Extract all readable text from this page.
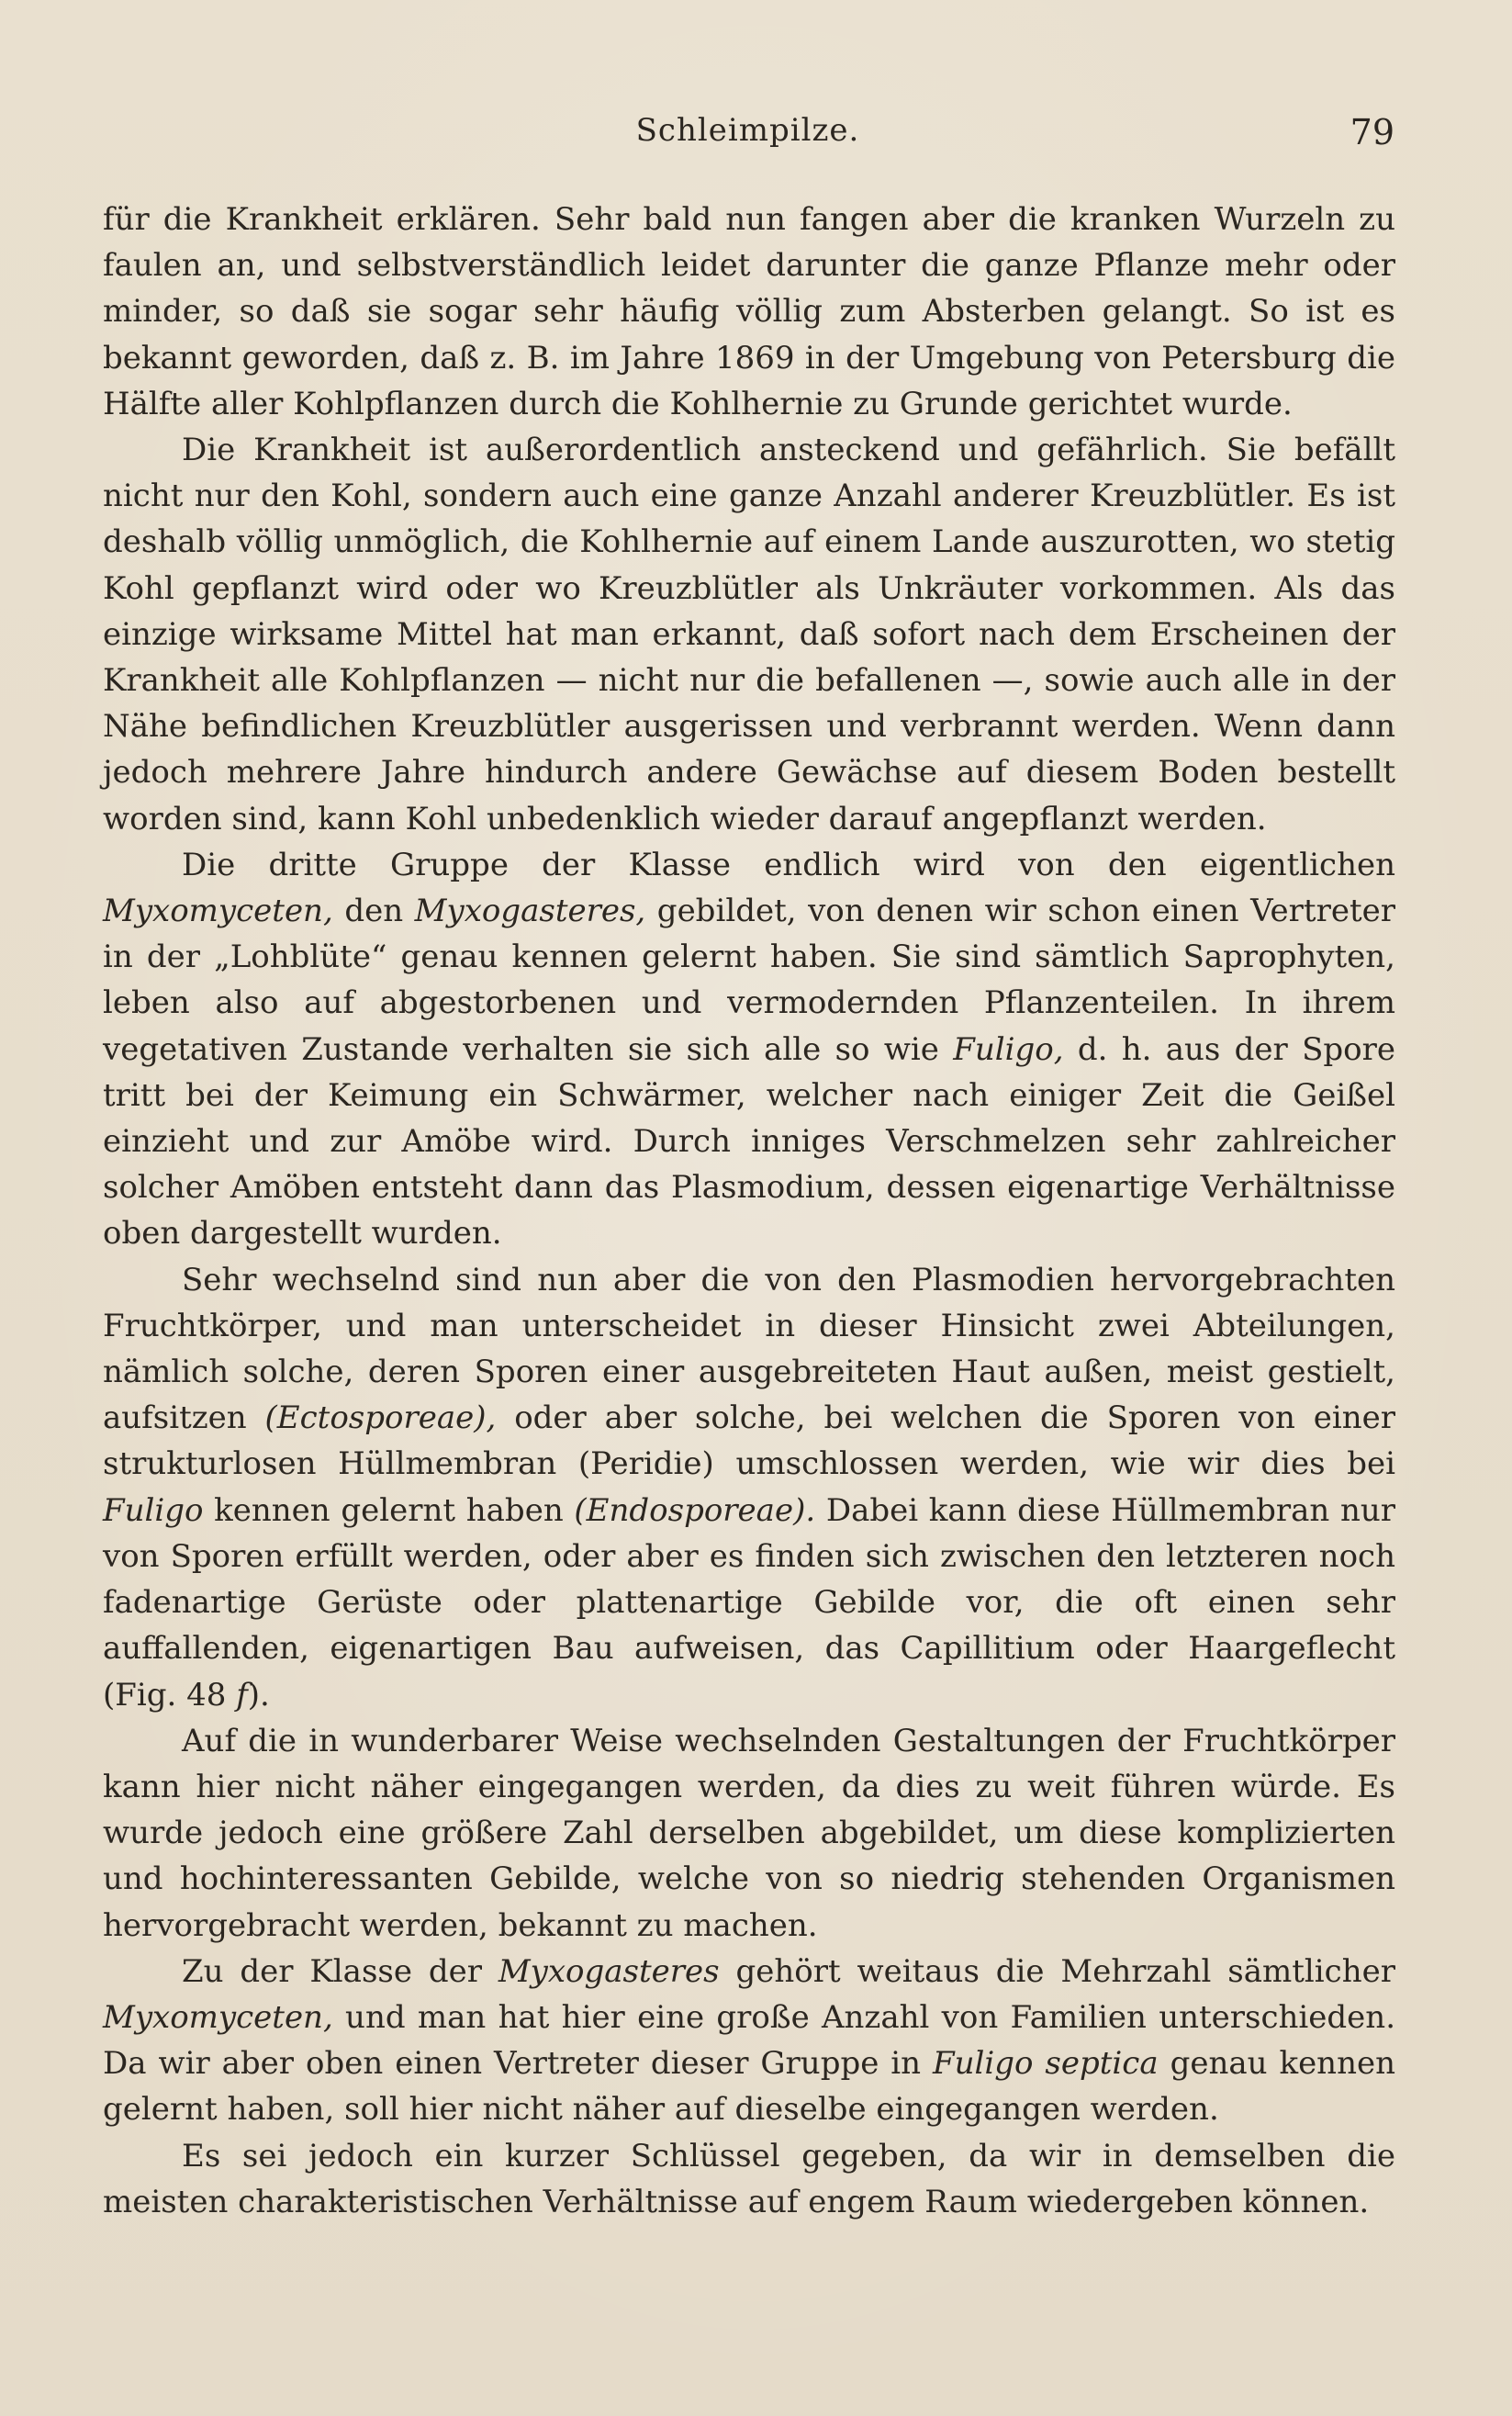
Schleimpilze.	79

für die Krankheit erklären. Sehr bald nun fangen aber die kranken Wurzeln zu faulen an, und selbstverständlich leidet darunter die ganze Pflanze mehr oder minder, so daß sie sogar sehr häufig völlig zum Absterben gelangt. So ist es bekannt geworden, daß z. B. im Jahre 1869 in der Umgebung von Petersburg die Hälfte aller Kohlpflanzen durch die Kohlhernie zu Grunde gerichtet wurde.

Die Krankheit ist außerordentlich ansteckend und gefährlich. Sie befällt nicht nur den Kohl, sondern auch eine ganze Anzahl anderer Kreuzblütler. Es ist deshalb völlig unmöglich, die Kohlhernie auf einem Lande auszurotten, wo stetig Kohl gepflanzt wird oder wo Kreuzblütler als Unkräuter vorkommen. Als das einzige wirksame Mittel hat man erkannt, daß sofort nach dem Erscheinen der Krankheit alle Kohlpflanzen — nicht nur die befallenen —, sowie auch alle in der Nähe befindlichen Kreuzblütler ausgerissen und verbrannt werden. Wenn dann jedoch mehrere Jahre hindurch andere Gewächse auf diesem Boden bestellt worden sind, kann Kohl unbedenklich wieder darauf angepflanzt werden.

Die dritte Gruppe der Klasse endlich wird von den eigentlichen Myxomyceten, den Myxogasteres, gebildet, von denen wir schon einen Vertreter in der „Lohblüte“ genau kennen gelernt haben. Sie sind sämtlich Saprophyten, leben also auf abgestorbenen und vermodernden Pflanzenteilen. In ihrem vegetativen Zustande verhalten sie sich alle so wie Fuligo, d. h. aus der Spore tritt bei der Keimung ein Schwärmer, welcher nach einiger Zeit die Geißel einzieht und zur Amöbe wird. Durch inniges Verschmelzen sehr zahlreicher solcher Amöben entsteht dann das Plasmodium, dessen eigenartige Verhältnisse oben dargestellt wurden.

Sehr wechselnd sind nun aber die von den Plasmodien hervorgebrachten Fruchtkörper, und man unterscheidet in dieser Hinsicht zwei Abteilungen, nämlich solche, deren Sporen einer ausgebreiteten Haut außen, meist gestielt, aufsitzen (Ectosporeae), oder aber solche, bei welchen die Sporen von einer strukturlosen Hüllmembran (Peridie) umschlossen werden, wie wir dies bei Fuligo kennen gelernt haben (Endosporeae). Dabei kann diese Hüllmembran nur von Sporen erfüllt werden, oder aber es finden sich zwischen den letzteren noch fadenartige Gerüste oder plattenartige Gebilde vor, die oft einen sehr auffallenden, eigenartigen Bau aufweisen, das Capillitium oder Haargeflecht (Fig. 48 f).

Auf die in wunderbarer Weise wechselnden Gestaltungen der Fruchtkörper kann hier nicht näher eingegangen werden, da dies zu weit führen würde. Es wurde jedoch eine größere Zahl derselben abgebildet, um diese komplizierten und hochinteressanten Gebilde, welche von so niedrig stehenden Organismen hervorgebracht werden, bekannt zu machen.

Zu der Klasse der Myxogasteres gehört weitaus die Mehrzahl sämtlicher Myxomyceten, und man hat hier eine große Anzahl von Familien unterschieden. Da wir aber oben einen Vertreter dieser Gruppe in Fuligo septica genau kennen gelernt haben, soll hier nicht näher auf dieselbe eingegangen werden.

Es sei jedoch ein kurzer Schlüssel gegeben, da wir in demselben die meisten charakteristischen Verhältnisse auf engem Raum wiedergeben können.
